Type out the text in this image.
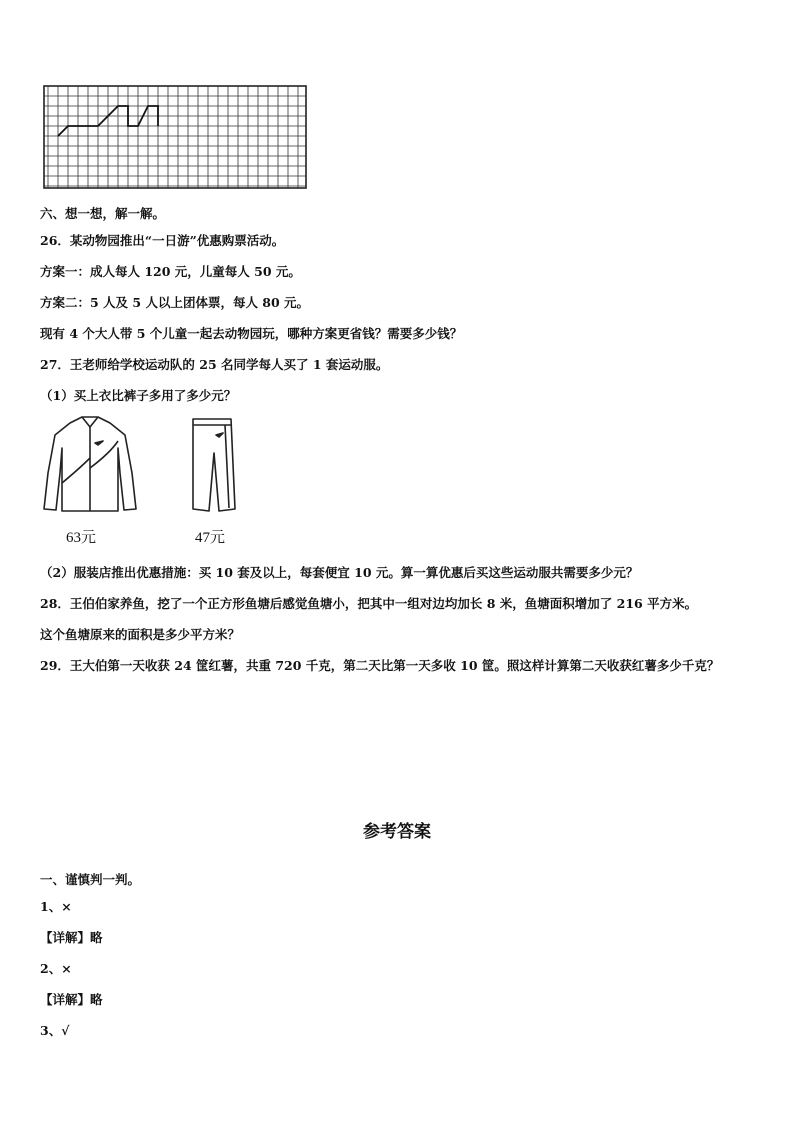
六、想一想，解一解。
26．某动物园推出“一日游”优惠购票活动。
方案一：成人每人 120 元，儿童每人 50 元。
方案二：5 人及 5 人以上团体票，每人 80 元。
现有 4 个大人带 5 个儿童一起去动物园玩，哪种方案更省钱？需要多少钱？
27．王老师给学校运动队的 25 名同学每人买了 1 套运动服。
（1）买上衣比裤子多用了多少元？
63元	47元
（2）服装店推出优惠措施：买 10 套及以上，每套便宜 10 元。算一算优惠后买这些运动服共需要多少元？
28．王伯伯家养鱼，挖了一个正方形鱼塘后感觉鱼塘小，把其中一组对边均加长 8 米，鱼塘面积增加了 216 平方米。
这个鱼塘原来的面积是多少平方米？
29．王大伯第一天收获 24 筐红薯，共重 720 千克，第二天比第一天多收 10 筐。照这样计算第二天收获红薯多少千克？
参考答案
一、谨慎判一判。
1、×
【详解】略
2、×
【详解】略
3、√
